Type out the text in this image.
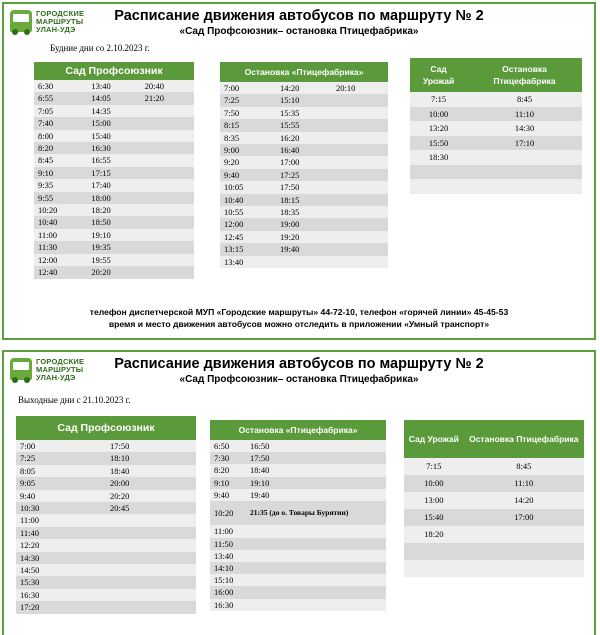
ГОРОДСКИЕ
МАРШРУТЫ
УЛАН-УДЭ
Расписание движения автобусов по маршруту № 2
«Сад Профсоюзник– остановка Птицефабрика»
Будние дни со 2.10.2023 г.
Сад Профсоюзник		
6:30	13:40	20:40
6:55	14:05	21:20
7:05	14:35	
7:40	15:00	
8:00	15:40	
8:20	16:30	
8:45	16:55	
9:10	17:15	
9:35	17:40	
9:55	18:00	
10:20	18:20	
10:40	18:50	
11:00	19:10	
11:30	19:35	
12:00	19:55	
12:40	20:20	
Остановка «Птицефабрика»		
7:00	14:20	20:10
7:25	15:10	
7:50	15:35	
8:15	15:55	
8:35	16:20	
9:00	16:40	
9:20	17:00	
9:40	17:25	
10:05	17:50	
10:40	18:15	
10:55	18:35	
12:00	19:00	
12:45	19:20	
13:15	19:40	
13:40		
Сад Урожай	Остановка Птицефабрика
7:15	8:45
10:00	11:10
13:20	14:30
15:50	17:10
18:30	

телефон диспетчерской МУП «Городские маршруты» 44-72-10, телефон «горячей линии» 45-45-53
время и место движения автобусов можно отследить в приложении «Умный транспорт»
ГОРОДСКИЕ
МАРШРУТЫ
УЛАН-УДЭ
Расписание движения автобусов по маршруту № 2
«Сад Профсоюзник– остановка Птицефабрика»
Выходные дни с 21.10.2023 г.
Сад Профсоюзник	
7:00	17:50
7:25	18:10
8:05	18:40
9:05	20:00
9:40	20:20
10:30	20:45
11:00	
11:40	
12:20	
14:30	
14:50	
15:30	
16:30	
17:20	
Остановка «Птицефабрика»	
6:50	16:50
7:30	17:50
8:20	18:40
9:10	19:10
9:40	19:40
10:20	21:35 (до о. Товары Бурятии)
11:00	
11:50	
13:40	
14:10	
15:10	
16:00	
16:30	
Сад Урожай	Остановка Птицефабрика
7:15	8:45
10:00	11:10
13:00	14:20
15:40	17:00
18:20	
